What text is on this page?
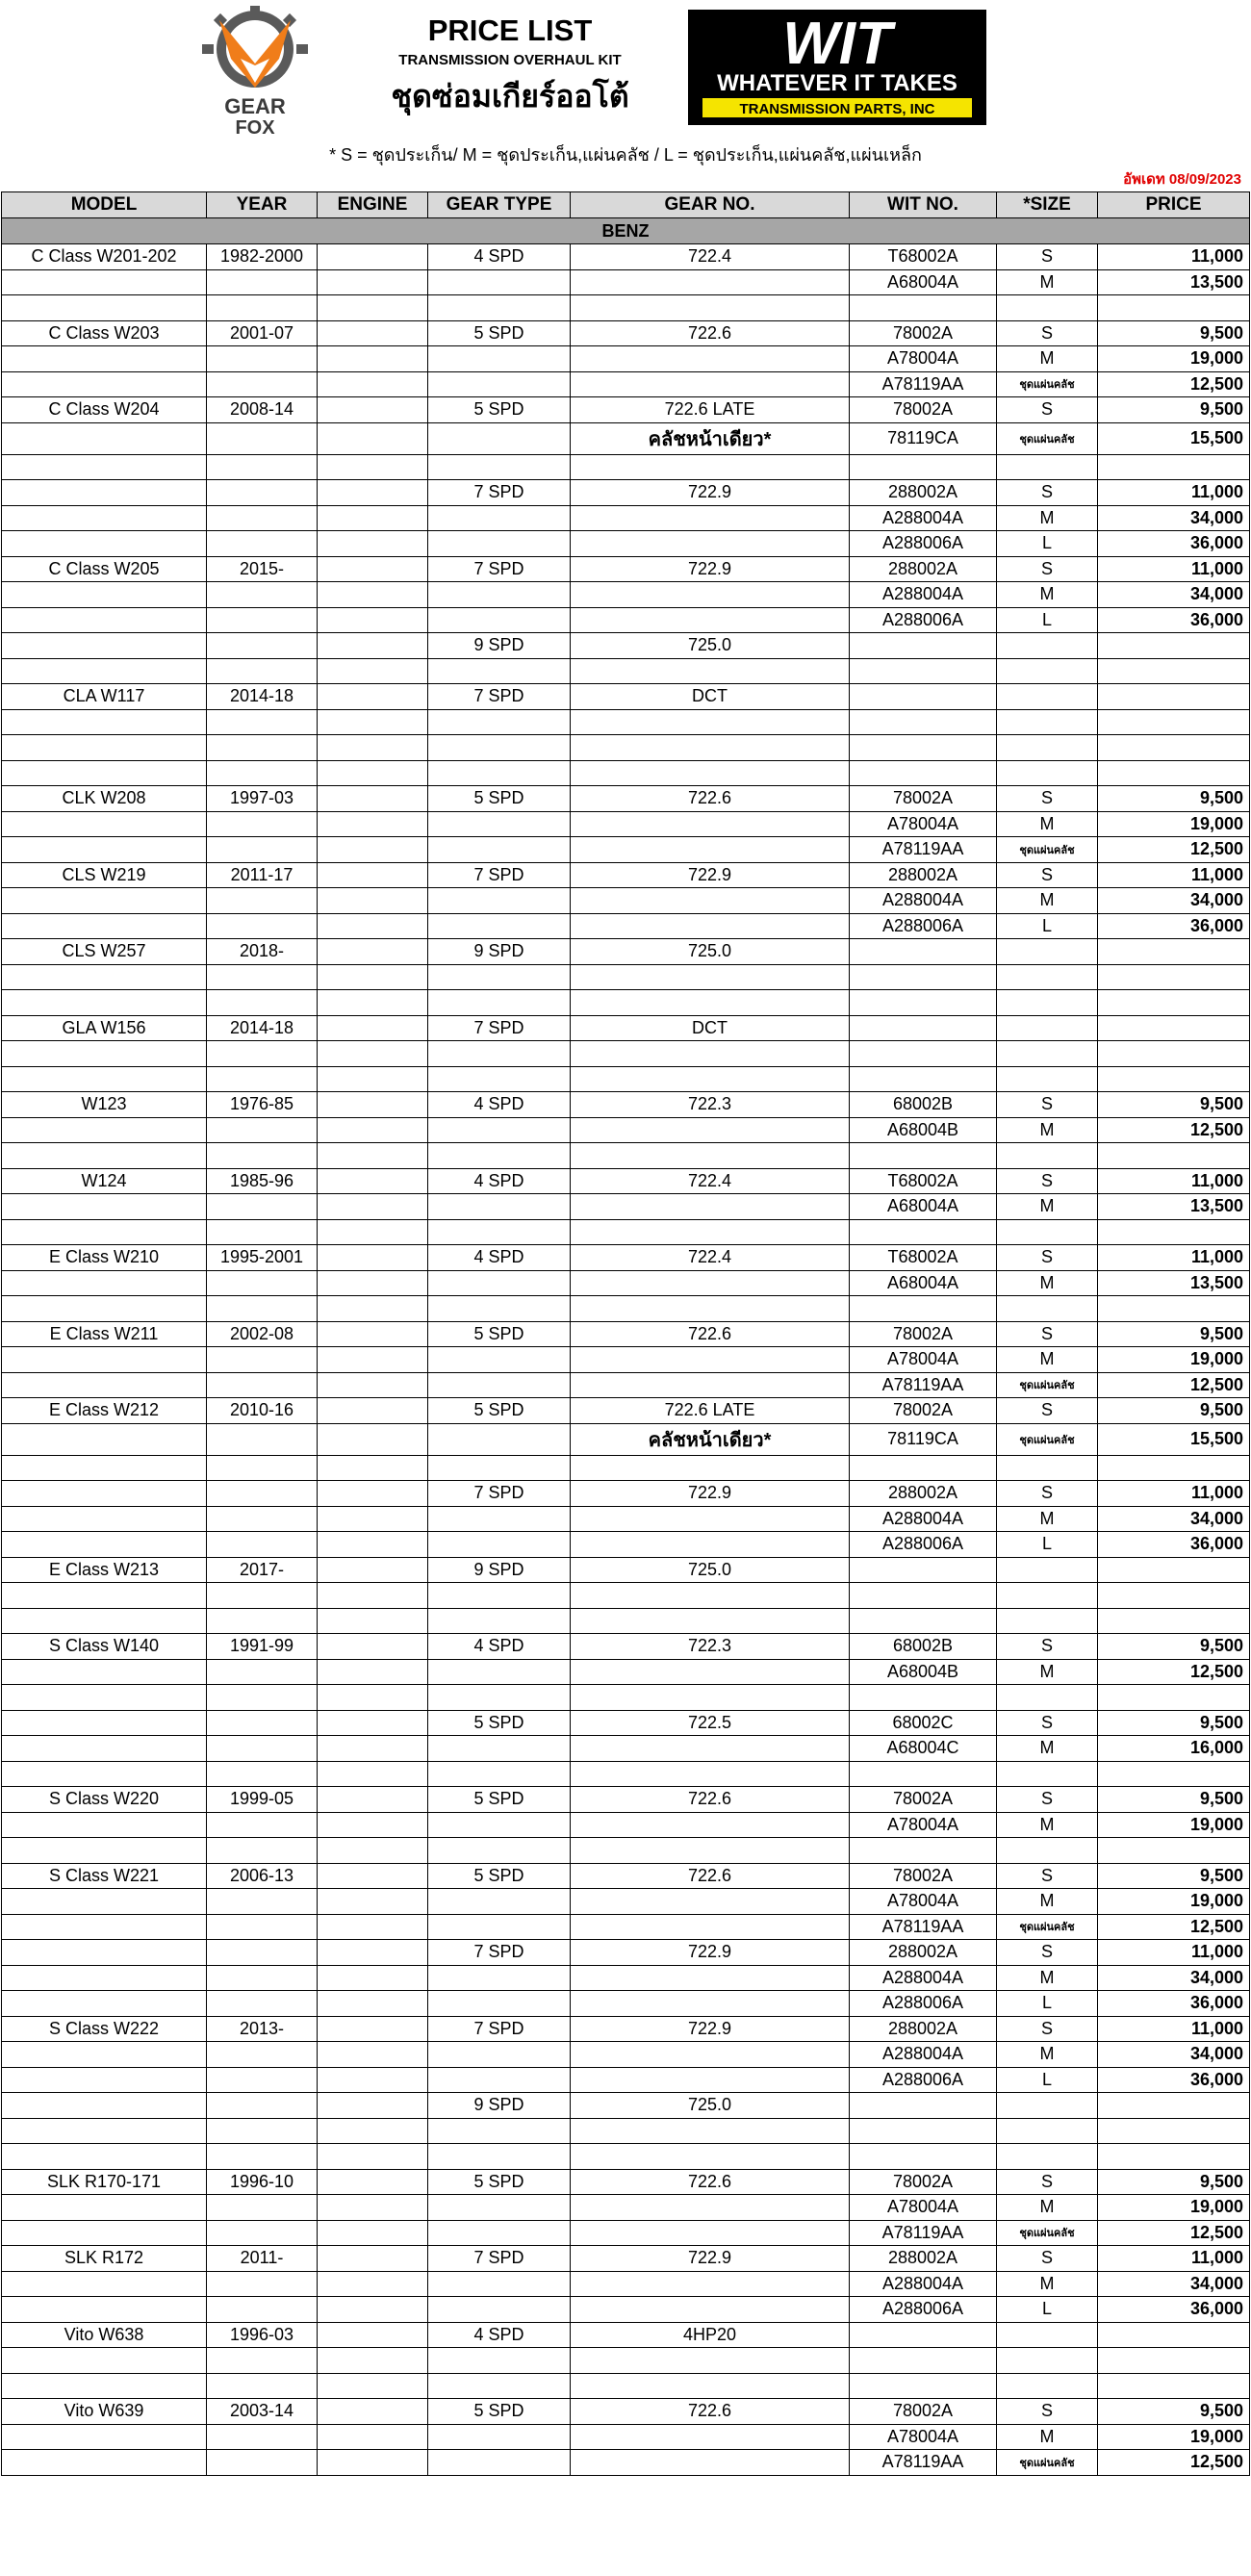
GEAR
FOX
PRICE LIST
TRANSMISSION OVERHAUL KIT
ชุดซ่อมเกียร์ออโต้
WIT
WHATEVER IT TAKES
TRANSMISSION PARTS, INC
* S = ชุดประเก็น/ M = ชุดประเก็น,แผ่นคลัช / L = ชุดประเก็น,แผ่นคลัช,แผ่นเหล็ก
อัพเดท 08/09/2023
MODEL	YEAR	ENGINE	GEAR TYPE	GEAR NO.	WIT NO.	*SIZE	PRICE
BENZ							
C Class W201-202	1982-2000		4 SPD	722.4	T68002A	S	11,000
					A68004A	M	13,500

C Class W203	2001-07		5 SPD	722.6	78002A	S	9,500
					A78004A	M	19,000
					A78119AA	ชุดแผ่นคลัช	12,500
C Class W204	2008-14		5 SPD	722.6 LATE	78002A	S	9,500
				คลัชหน้าเดียว*	78119CA	ชุดแผ่นคลัช	15,500

			7 SPD	722.9	288002A	S	11,000
					A288004A	M	34,000
					A288006A	L	36,000
C Class W205	2015-		7 SPD	722.9	288002A	S	11,000
					A288004A	M	34,000
					A288006A	L	36,000
			9 SPD	725.0			

CLA W117	2014-18		7 SPD	DCT			

CLK W208	1997-03		5 SPD	722.6	78002A	S	9,500
					A78004A	M	19,000
					A78119AA	ชุดแผ่นคลัช	12,500
CLS W219	2011-17		7 SPD	722.9	288002A	S	11,000
					A288004A	M	34,000
					A288006A	L	36,000
CLS W257	2018-		9 SPD	725.0			

GLA W156	2014-18		7 SPD	DCT			

W123	1976-85		4 SPD	722.3	68002B	S	9,500
					A68004B	M	12,500

W124	1985-96		4 SPD	722.4	T68002A	S	11,000
					A68004A	M	13,500

E Class W210	1995-2001		4 SPD	722.4	T68002A	S	11,000
					A68004A	M	13,500

E Class W211	2002-08		5 SPD	722.6	78002A	S	9,500
					A78004A	M	19,000
					A78119AA	ชุดแผ่นคลัช	12,500
E Class W212	2010-16		5 SPD	722.6 LATE	78002A	S	9,500
				คลัชหน้าเดียว*	78119CA	ชุดแผ่นคลัช	15,500

			7 SPD	722.9	288002A	S	11,000
					A288004A	M	34,000
					A288006A	L	36,000
E Class W213	2017-		9 SPD	725.0			

S Class W140	1991-99		4 SPD	722.3	68002B	S	9,500
					A68004B	M	12,500

			5 SPD	722.5	68002C	S	9,500
					A68004C	M	16,000

S Class W220	1999-05		5 SPD	722.6	78002A	S	9,500
					A78004A	M	19,000

S Class W221	2006-13		5 SPD	722.6	78002A	S	9,500
					A78004A	M	19,000
					A78119AA	ชุดแผ่นคลัช	12,500
			7 SPD	722.9	288002A	S	11,000
					A288004A	M	34,000
					A288006A	L	36,000
S Class W222	2013-		7 SPD	722.9	288002A	S	11,000
					A288004A	M	34,000
					A288006A	L	36,000
			9 SPD	725.0			

SLK R170-171	1996-10		5 SPD	722.6	78002A	S	9,500
					A78004A	M	19,000
					A78119AA	ชุดแผ่นคลัช	12,500
SLK R172	2011-		7 SPD	722.9	288002A	S	11,000
					A288004A	M	34,000
					A288006A	L	36,000
Vito W638	1996-03		4 SPD	4HP20			

Vito W639	2003-14		5 SPD	722.6	78002A	S	9,500
					A78004A	M	19,000
					A78119AA	ชุดแผ่นคลัช	12,500
